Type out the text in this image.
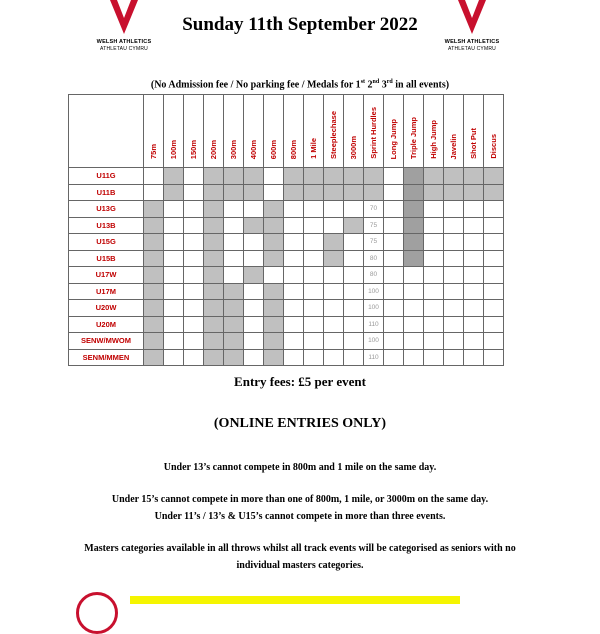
WELSH ATHLETICS
ATHLETAU CYMRU
WELSH ATHLETICS
ATHLETAU CYMRU
Sunday 11th September 2022
(No Admission fee / No parking fee / Medals for 1st 2nd 3rd in all events)
	75m	100m	150m	200m	300m	400m	600m	800m	1 Mile	Steeplechase	3000m	Sprint Hurdles	Long Jump	Triple Jump	High Jump	Javelin	Shot Put	Discus
U11G																		
U11B																		
U13G												70						
U13B												75						
U15G												75						
U15B												80						
U17W												80						
U17M												100						
U20W												100						
U20M												110						
SENW/MWOM												100						
SENM/MMEN												110						
Entry fees: £5 per event
(ONLINE ENTRIES ONLY)
Under 13’s cannot compete in 800m and 1 mile on the same day.
Under 15’s cannot compete in more than one of 800m, 1 mile, or 3000m on the same day.
Under 11’s / 13’s & U15’s cannot compete in more than three events.
Masters categories available in all throws whilst all track events will be categorised as seniors with no
individual masters categories.
